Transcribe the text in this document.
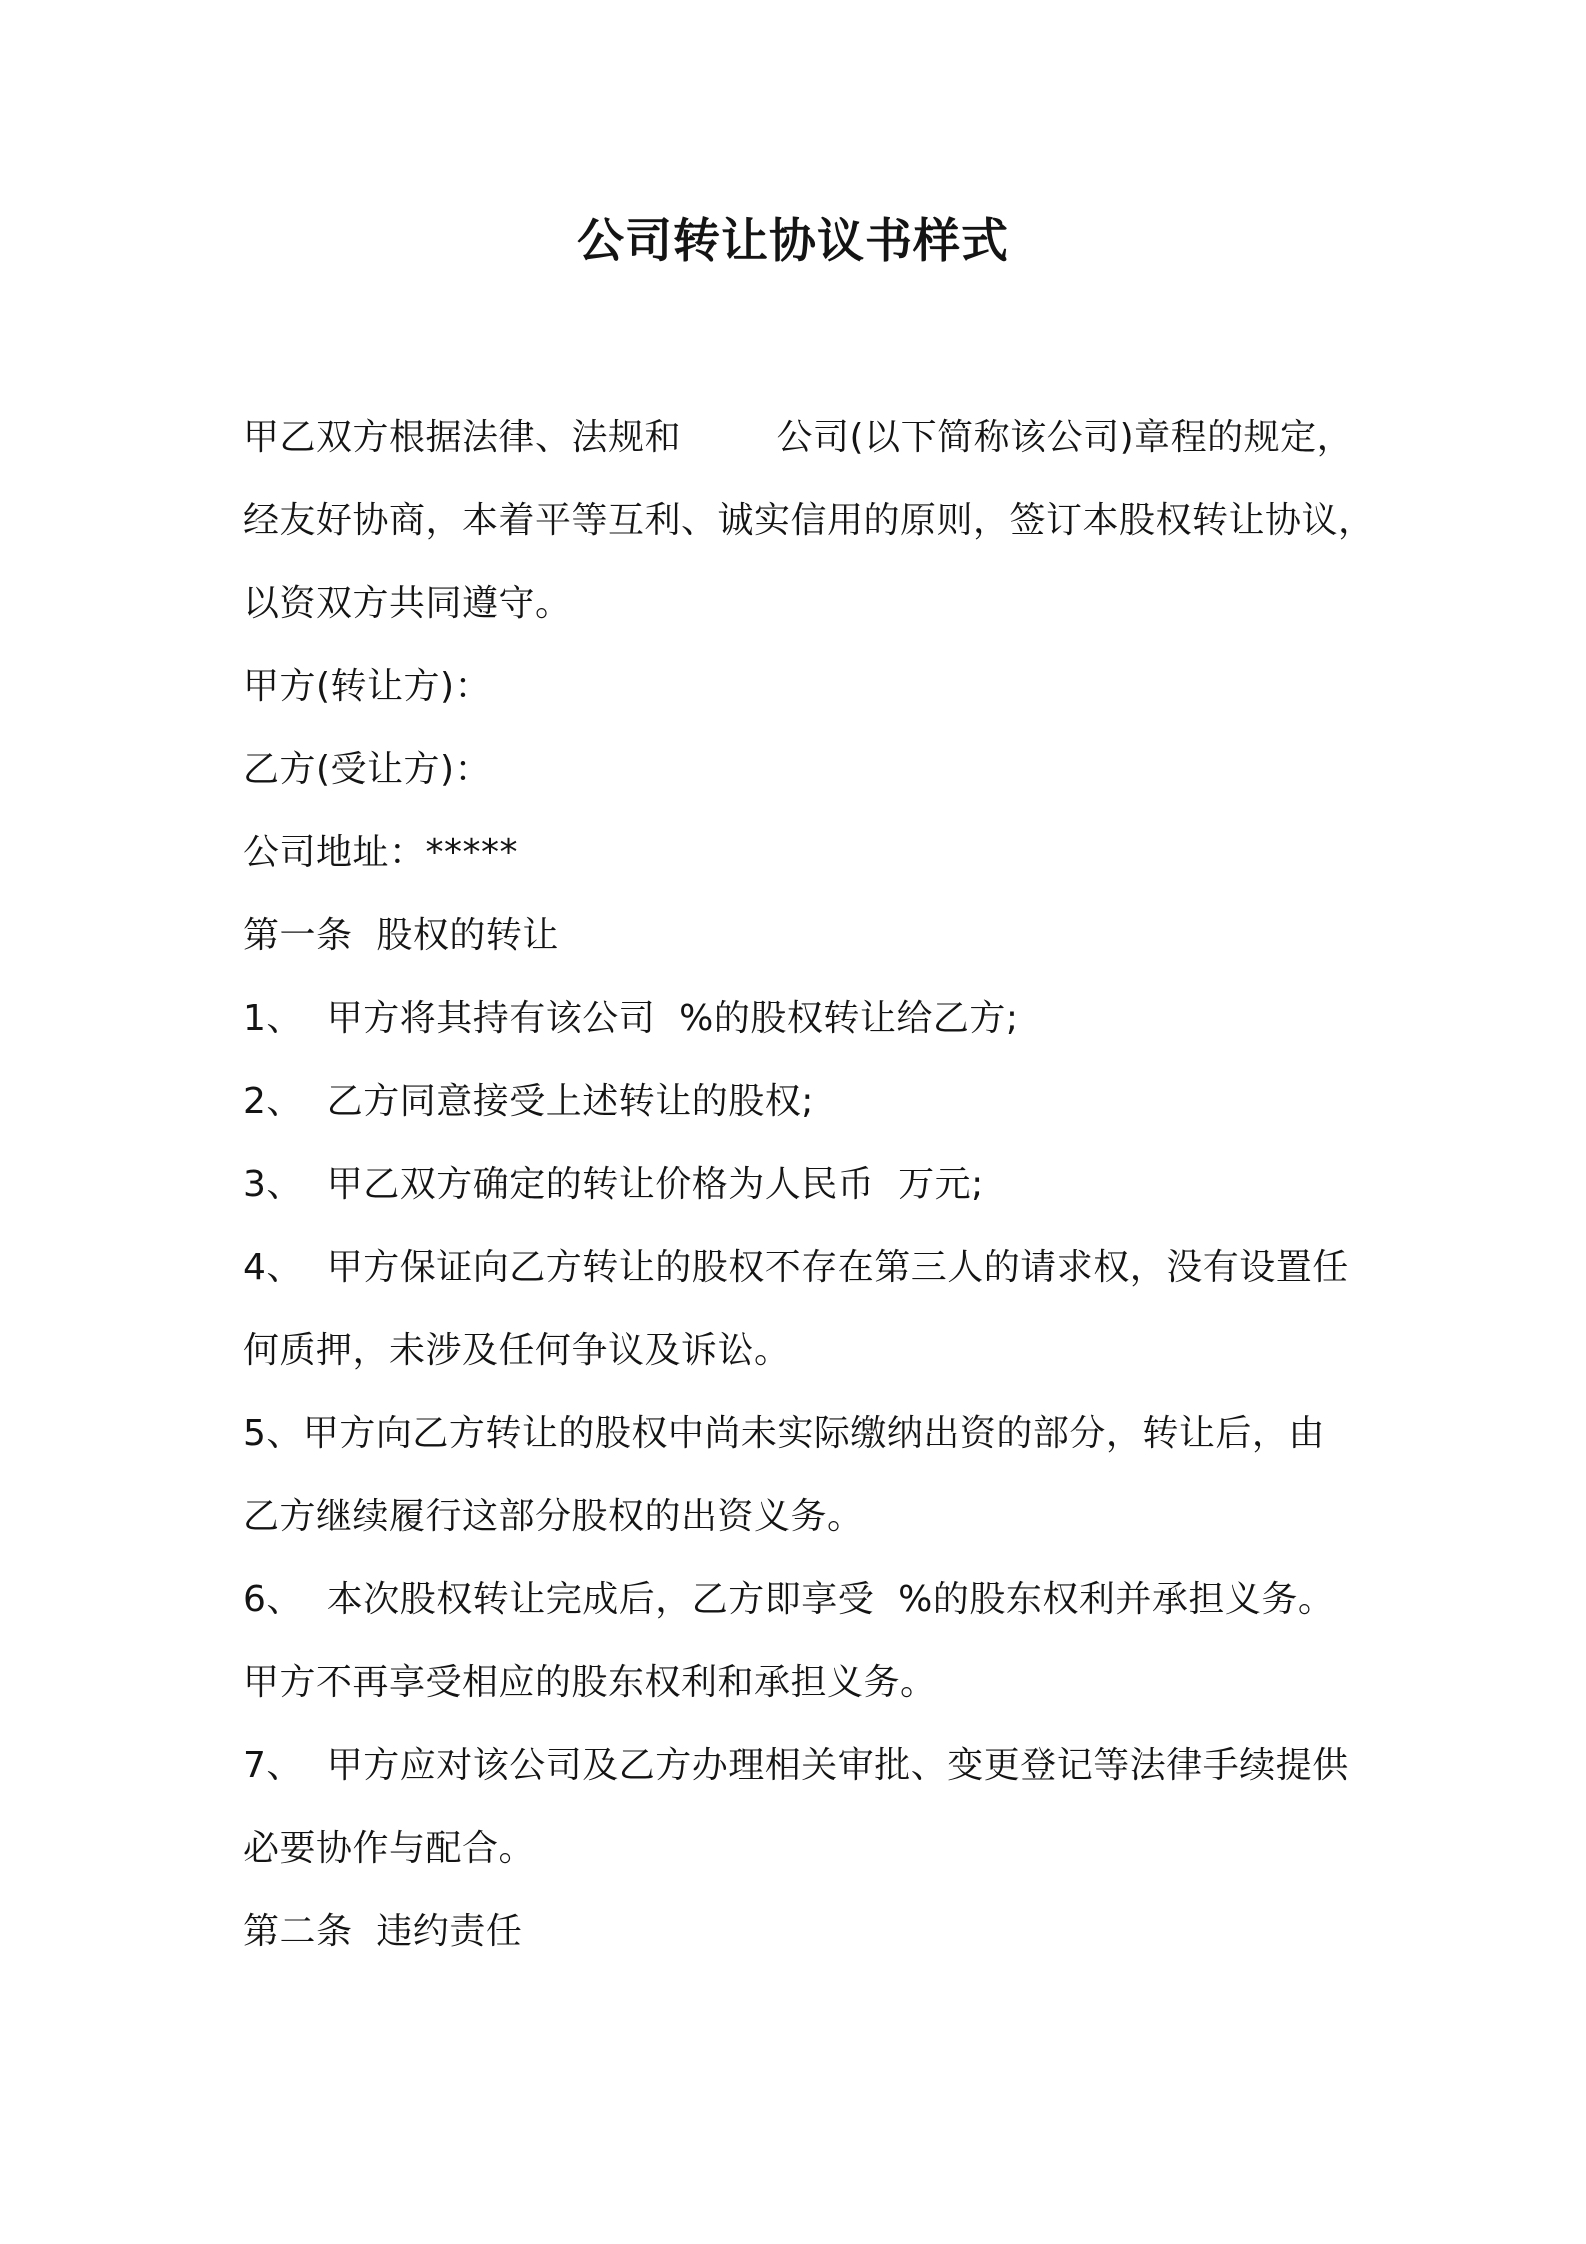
公司转让协议书样式
甲乙双方根据法律、法规和        公司(以下简称该公司)章程的规定，
经友好协商，本着平等互利、诚实信用的原则，签订本股权转让协议，
以资双方共同遵守。
甲方(转让方)：
乙方(受让方)：
公司地址：*****
第一条  股权的转让
1、  甲方将其持有该公司  %的股权转让给乙方;
2、  乙方同意接受上述转让的股权;
3、  甲乙双方确定的转让价格为人民币  万元;
4、  甲方保证向乙方转让的股权不存在第三人的请求权，没有设置任
何质押，未涉及任何争议及诉讼。
5、甲方向乙方转让的股权中尚未实际缴纳出资的部分，转让后，由
乙方继续履行这部分股权的出资义务。
6、  本次股权转让完成后，乙方即享受  %的股东权利并承担义务。
甲方不再享受相应的股东权利和承担义务。
7、  甲方应对该公司及乙方办理相关审批、变更登记等法律手续提供
必要协作与配合。
第二条  违约责任
